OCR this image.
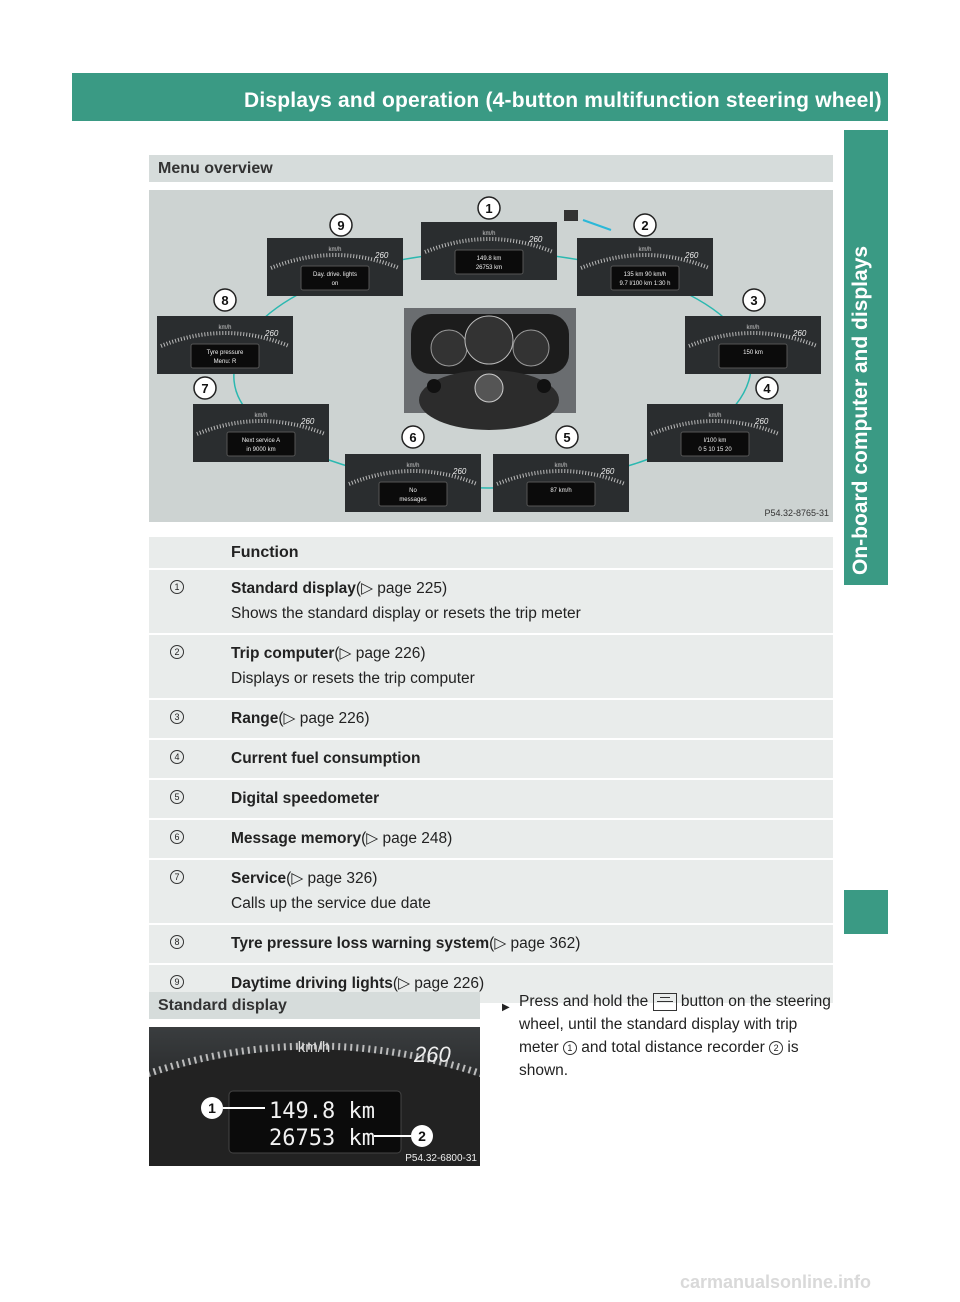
Displays and operation (4-button multifunction steering wheel) 225
On-board computer and displays
Menu overview
km/h
260
149.8 km
26753 km
1
km/h
260
135 km 90 km/h
9.7 l/100 km 1:30 h
2
km/h
260
150 km
3
km/h
260
l/100 km
0 5 10 15 20
4
km/h
260
87 km/h
5
km/h
260
No
messages
6
km/h
260
Next service A
in 9000 km
7
km/h
260
Tyre pressure
Menu: R
8
km/h
260
Day. drive. lights
on
9
P54.32-8765-31
Function
1	Standard display(▷ page 225)
Shows the standard display or resets the trip meter
2	Trip computer(▷ page 226)
Displays or resets the trip computer
3	Range(▷ page 226)
4	Current fuel consumption
5	Digital speedometer
6	Message memory(▷ page 248)
7	Service(▷ page 326)
Calls up the service due date
8	Tyre pressure loss warning system(▷ page 362)
9	Daytime driving lights(▷ page 226)
Standard display
km/h	260
149.8 km
26753 km
1
2
P54.32-6800-31
▶ Press and hold the button on the steering wheel, until the standard display with trip meter 1 and total distance recorder 2 is shown.
carmanualsonline.info
